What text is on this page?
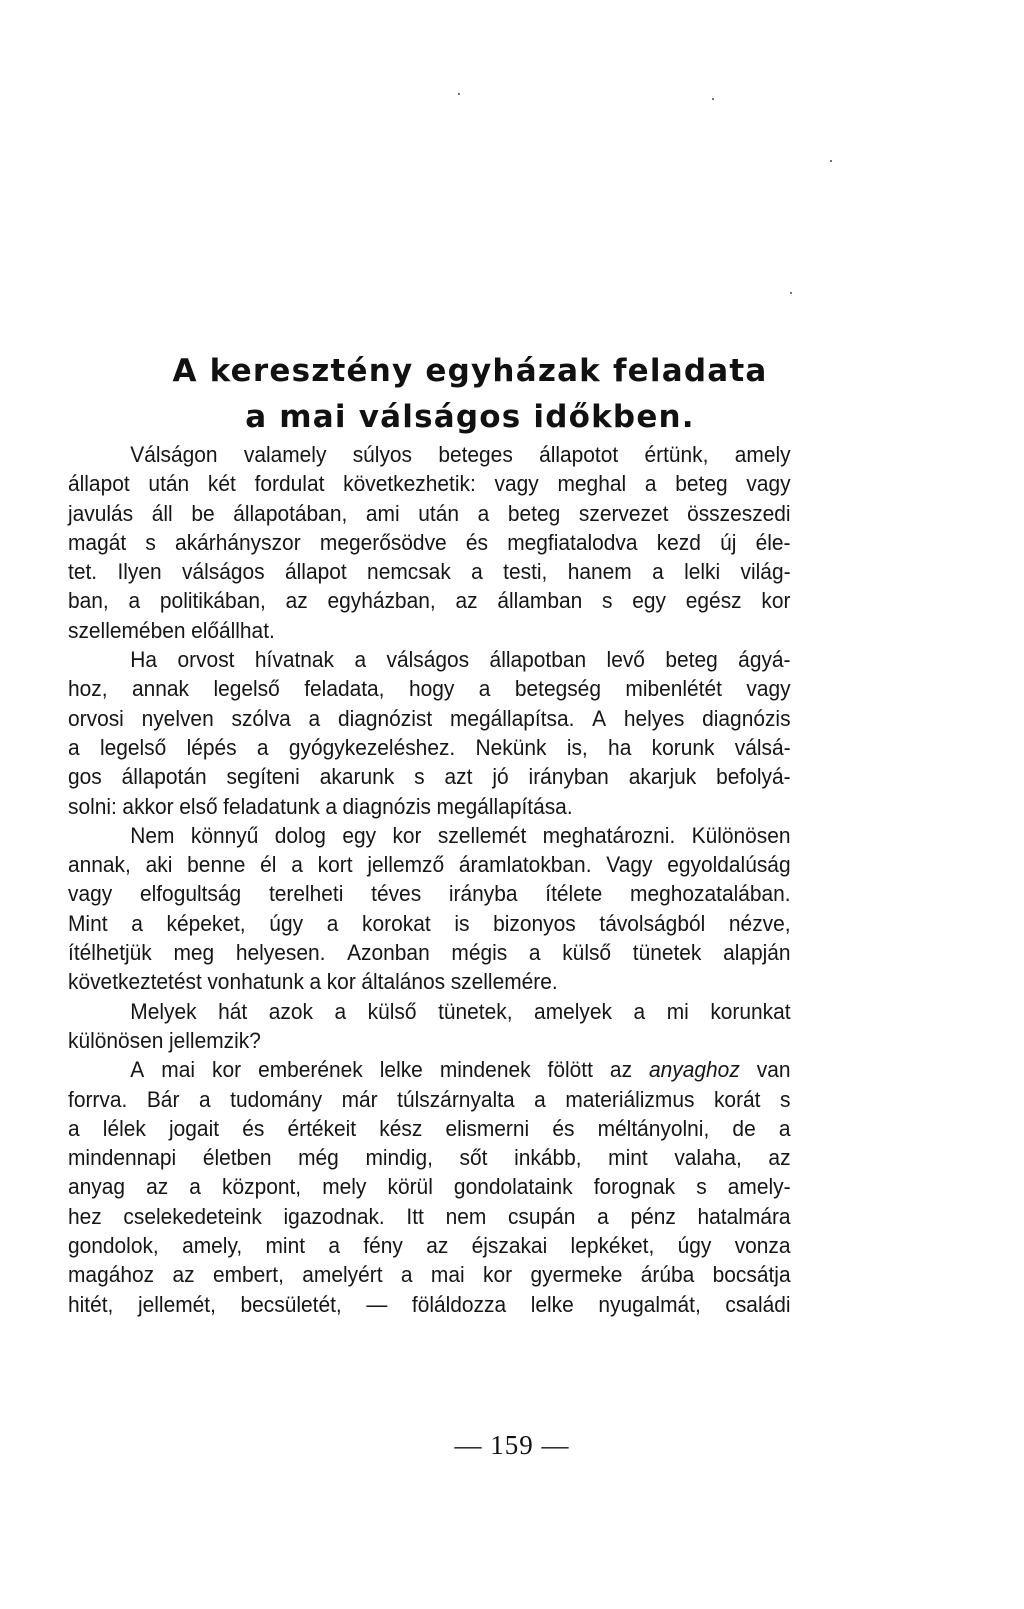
A keresztény egyházak feladata
a mai válságos időkben.
Válságon valamely súlyos beteges állapotot értünk, amely
állapot után két fordulat következhetik: vagy meghal a beteg vagy
javulás áll be állapotában, ami után a beteg szervezet összeszedi
magát s akárhányszor megerősödve és megfiatalodva kezd új éle-
tet. Ilyen válságos állapot nemcsak a testi, hanem a lelki világ-
ban, a politikában, az egyházban, az államban s egy egész kor
szellemében előállhat.
Ha orvost hívatnak a válságos állapotban levő beteg ágyá-
hoz, annak legelső feladata, hogy a betegség mibenlétét vagy
orvosi nyelven szólva a diagnózist megállapítsa. A helyes diagnózis
a legelső lépés a gyógykezeléshez. Nekünk is, ha korunk válsá-
gos állapotán segíteni akarunk s azt jó irányban akarjuk befolyá-
solni: akkor első feladatunk a diagnózis megállapítása.
Nem könnyű dolog egy kor szellemét meghatározni. Különösen
annak, aki benne él a kort jellemző áramlatokban. Vagy egyoldalúság
vagy elfogultság terelheti téves irányba ítélete meghozatalában.
Mint a képeket, úgy a korokat is bizonyos távolságból nézve,
ítélhetjük meg helyesen. Azonban mégis a külső tünetek alapján
következtetést vonhatunk a kor általános szellemére.
Melyek hát azok a külső tünetek, amelyek a mi korunkat
különösen jellemzik?
A mai kor emberének lelke mindenek fölött az anyaghoz van
forrva. Bár a tudomány már túlszárnyalta a materiálizmus korát s
a lélek jogait és értékeit kész elismerni és méltányolni, de a
mindennapi életben még mindig, sőt inkább, mint valaha, az
anyag az a központ, mely körül gondolataink forognak s amely-
hez cselekedeteink igazodnak. Itt nem csupán a pénz hatalmára
gondolok, amely, mint a fény az éjszakai lepkéket, úgy vonza
magához az embert, amelyért a mai kor gyermeke árúba bocsátja
hitét, jellemét, becsületét, — föláldozza lelke nyugalmát, családi
— 159 —
